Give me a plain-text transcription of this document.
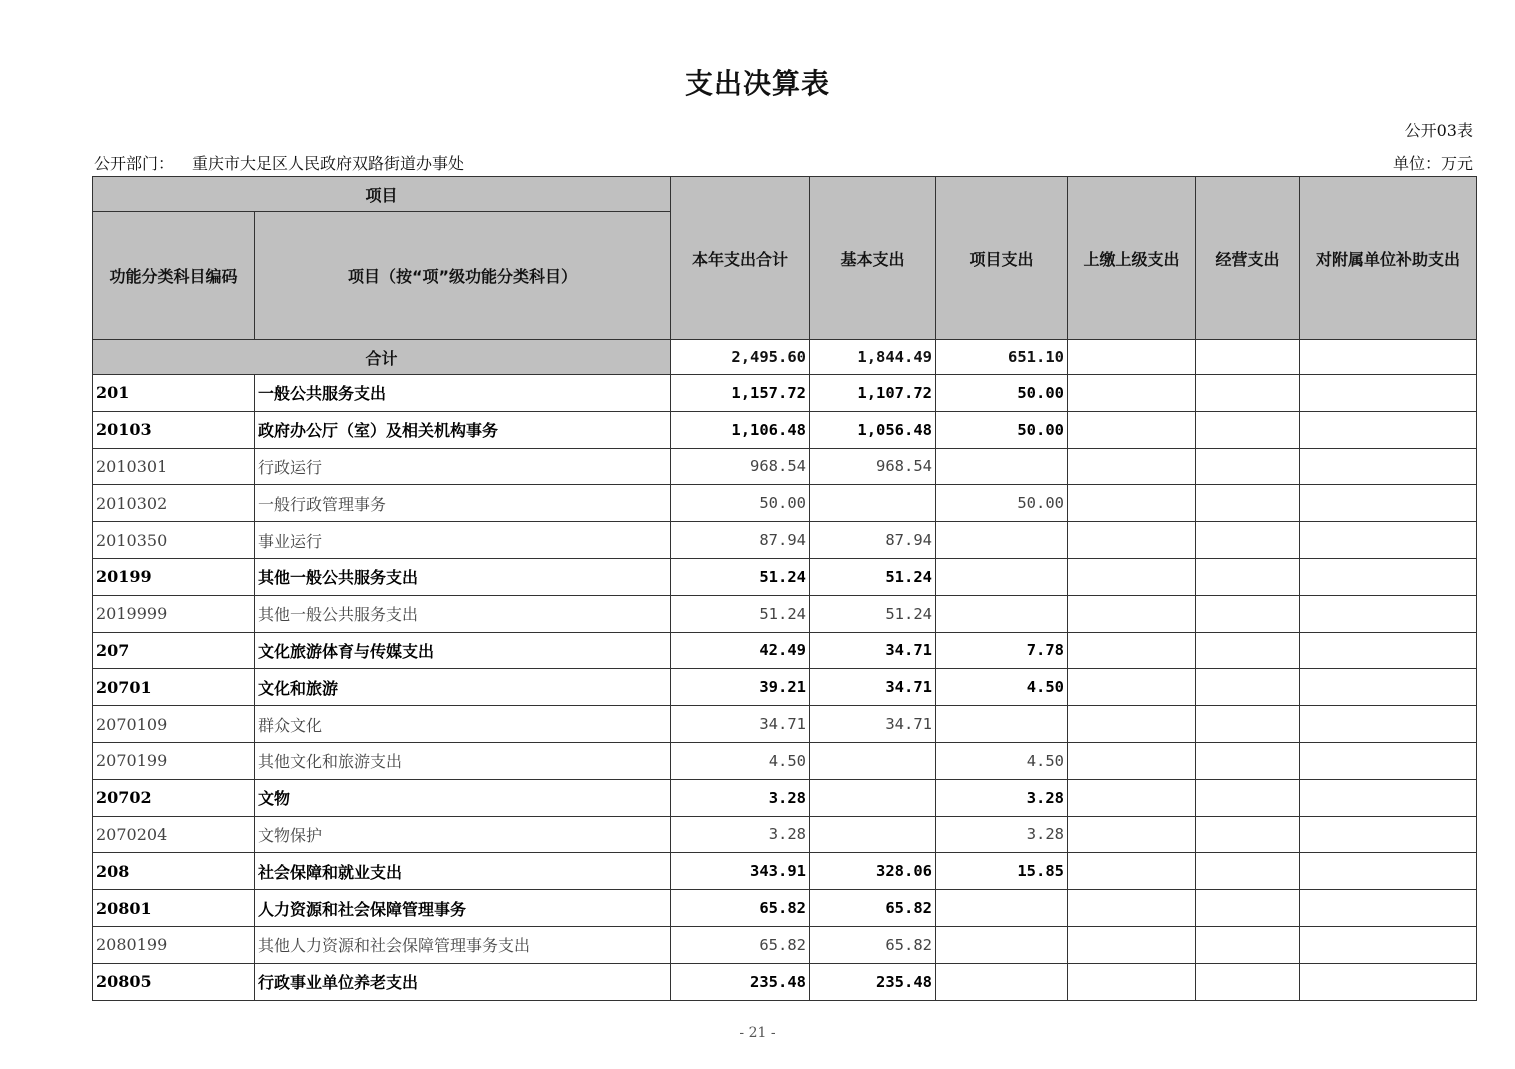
支出决算表
公开03表
公开部门： 重庆市大足区人民政府双路街道办事处	单位：万元
项目		本年支出合计	基本支出	项目支出	上缴上级支出	经营支出	对附属单位补助支出
功能分类科目编码	项目（按“项”级功能分类科目）						
合计		2,495.60	1,844.49	651.10			
201	一般公共服务支出	1,157.72	1,107.72	50.00			
20103	政府办公厅（室）及相关机构事务	1,106.48	1,056.48	50.00			
2010301	行政运行	968.54	968.54				
2010302	一般行政管理事务	50.00		50.00			
2010350	事业运行	87.94	87.94				
20199	其他一般公共服务支出	51.24	51.24				
2019999	其他一般公共服务支出	51.24	51.24				
207	文化旅游体育与传媒支出	42.49	34.71	7.78			
20701	文化和旅游	39.21	34.71	4.50			
2070109	群众文化	34.71	34.71				
2070199	其他文化和旅游支出	4.50		4.50			
20702	文物	3.28		3.28			
2070204	文物保护	3.28		3.28			
208	社会保障和就业支出	343.91	328.06	15.85			
20801	人力资源和社会保障管理事务	65.82	65.82				
2080199	其他人力资源和社会保障管理事务支出	65.82	65.82				
20805	行政事业单位养老支出	235.48	235.48				
- 21 -
